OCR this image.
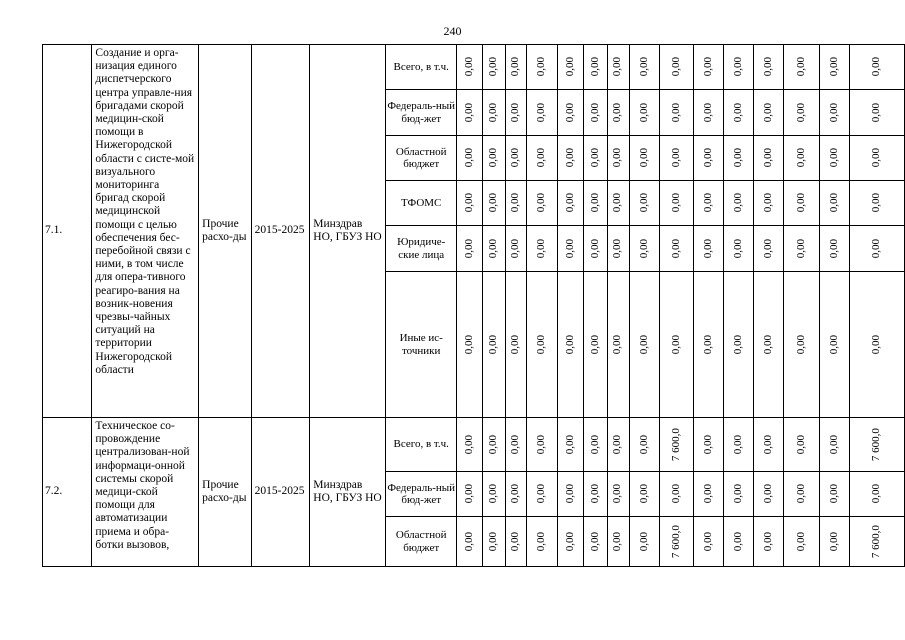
240
7.1.	Создание и орга-низация единого диспетчерского центра управле-ния бригадами скорой медицин-ской помощи в Нижегородской области с систе-мой визуального мониторинга бригад скорой медицинской помощи с целью обеспечения бес-перебойной связи с ними, в том числе для опера-тивного реагиро-вания на возник-новения чрезвы-чайных ситуаций на территории Нижегородской области	Прочие расхо-ды	2015-2025	Минздрав НО, ГБУЗ НО	Всего, в т.ч.	0,00	0,00	0,00	0,00	0,00	0,00	0,00	0,00	0,00	0,00	0,00	0,00	0,00	0,00	0,00
					Федераль-ный бюд-жет	0,00	0,00	0,00	0,00	0,00	0,00	0,00	0,00	0,00	0,00	0,00	0,00	0,00	0,00	0,00
					Областной бюджет	0,00	0,00	0,00	0,00	0,00	0,00	0,00	0,00	0,00	0,00	0,00	0,00	0,00	0,00	0,00
					ТФОМС	0,00	0,00	0,00	0,00	0,00	0,00	0,00	0,00	0,00	0,00	0,00	0,00	0,00	0,00	0,00
					Юридиче-ские лица	0,00	0,00	0,00	0,00	0,00	0,00	0,00	0,00	0,00	0,00	0,00	0,00	0,00	0,00	0,00
					Иные ис-точники	0,00	0,00	0,00	0,00	0,00	0,00	0,00	0,00	0,00	0,00	0,00	0,00	0,00	0,00	0,00
7.2.	Техническое со-провождение централизован-ной информаци-онной системы скорой медици-ской помощи для автоматизации приема и обра-ботки вызовов,	Прочие расхо-ды	2015-2025	Минздрав НО, ГБУЗ НО	Всего, в т.ч.	0,00	0,00	0,00	0,00	0,00	0,00	0,00	0,00	7 600,0	0,00	0,00	0,00	0,00	0,00	7 600,0
					Федераль-ный бюд-жет	0,00	0,00	0,00	0,00	0,00	0,00	0,00	0,00	0,00	0,00	0,00	0,00	0,00	0,00	0,00
					Областной бюджет	0,00	0,00	0,00	0,00	0,00	0,00	0,00	0,00	7 600,0	0,00	0,00	0,00	0,00	0,00	7 600,0
